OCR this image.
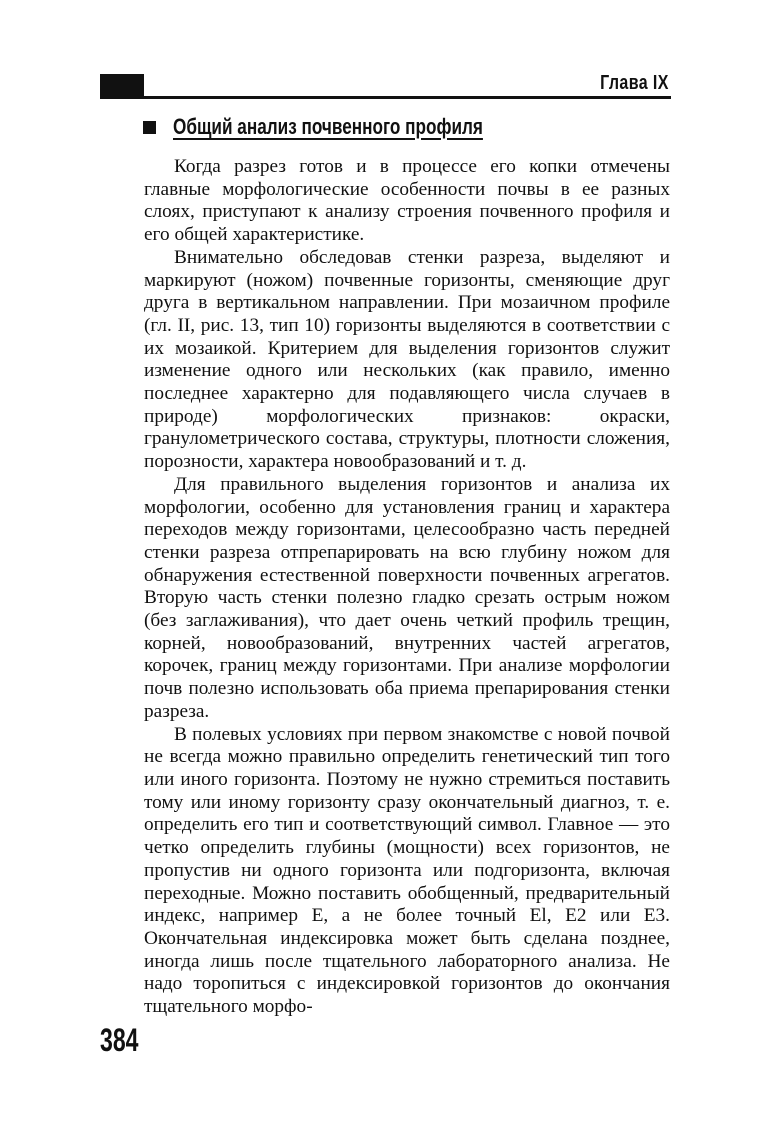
Глава IX
Общий анализ почвенного профиля

Когда разрез готов и в процессе его копки отмечены главные морфологические особенности почвы в ее разных слоях, приступают к анализу строения почвенного профиля и его общей характеристике.

Внимательно обследовав стенки разреза, выделяют и маркируют (ножом) почвенные горизонты, сменяющие друг друга в вертикальном направлении. При мозаичном профиле (гл. II, рис. 13, тип 10) горизонты выделяются в соответствии с их мозаикой. Критерием для выделения горизонтов служит изменение одного или нескольких (как правило, именно последнее характерно для подавляющего числа случаев в природе) морфологических признаков: окраски, гранулометрического состава, структуры, плотности сложения, порозности, характера новообразований и т. д.

Для правильного выделения горизонтов и анализа их морфологии, особенно для установления границ и характера переходов между горизонтами, целесообразно часть передней стенки разреза отпрепарировать на всю глубину ножом для обнаружения естественной поверхности почвенных агрегатов. Вторую часть стенки полезно гладко срезать острым ножом (без заглаживания), что дает очень четкий профиль трещин, корней, новообразований, внутренних частей агрегатов, корочек, границ между горизонтами. При анализе морфологии почв полезно использовать оба приема препарирования стенки разреза.

В полевых условиях при первом знакомстве с новой почвой не всегда можно правильно определить генетический тип того или иного горизонта. Поэтому не нужно стремиться поставить тому или иному горизонту сразу окончательный диагноз, т. е. определить его тип и соответствующий символ. Главное — это четко определить глубины (мощности) всех горизонтов, не пропустив ни одного горизонта или подгоризонта, включая переходные. Можно поставить обобщенный, предварительный индекс, например Е, а не более точный El, E2 или E3. Окончательная индексировка может быть сделана позднее, иногда лишь после тщательного лабораторного анализа. Не надо торопиться с индексировкой горизонтов до окончания тщательного морфо-

384
